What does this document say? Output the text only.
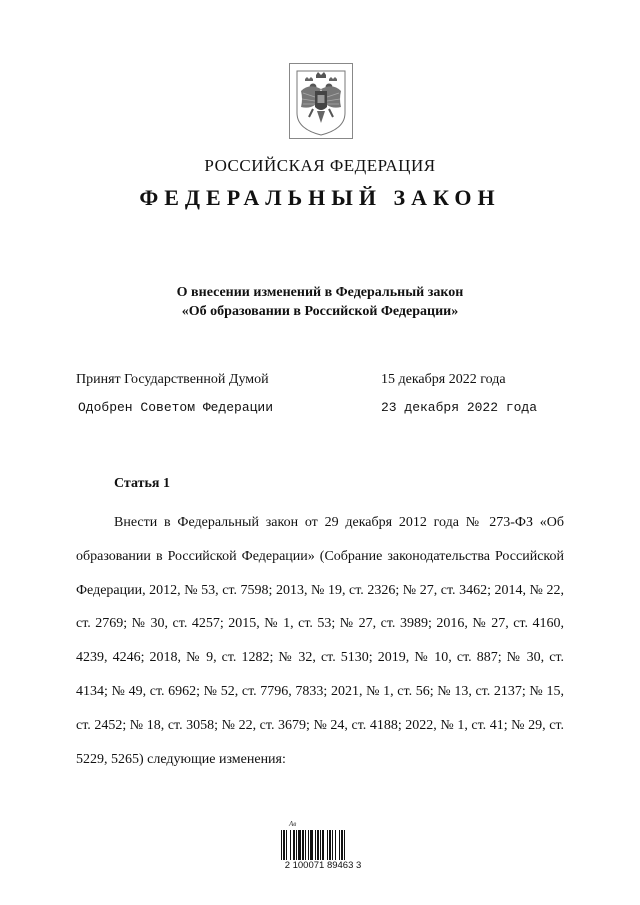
РОССИЙСКАЯ ФЕДЕРАЦИЯ
ФЕДЕРАЛЬНЫЙ ЗАКОН
О внесении изменений в Федеральный закон
«Об образовании в Российской Федерации»
Принят Государственной Думой	15 декабря 2022 года
Одобрен Советом Федерации	23 декабря 2022 года
Статья 1

Внести в Федеральный закон от 29 декабря 2012 года № 273-ФЗ «Об образовании в Российской Федерации» (Собрание законодательства Российской Федерации, 2012, № 53, ст. 7598; 2013, № 19, ст. 2326; № 27, ст. 3462; 2014, № 22, ст. 2769; № 30, ст. 4257; 2015, № 1, ст. 53; № 27, ст. 3989; 2016, № 27, ст. 4160, 4239, 4246; 2018, № 9, ст. 1282; № 32, ст. 5130; 2019, № 10, ст. 887; № 30, ст. 4134; № 49, ст. 6962; № 52, ст. 7796, 7833; 2021, № 1, ст. 56; № 13, ст. 2137; № 15, ст. 2452; № 18, ст. 3058; № 22, ст. 3679; № 24, ст. 4188; 2022, № 1, ст. 41; № 29, ст. 5229, 5265) следующие изменения:

Ав
2 100071 89463 3
